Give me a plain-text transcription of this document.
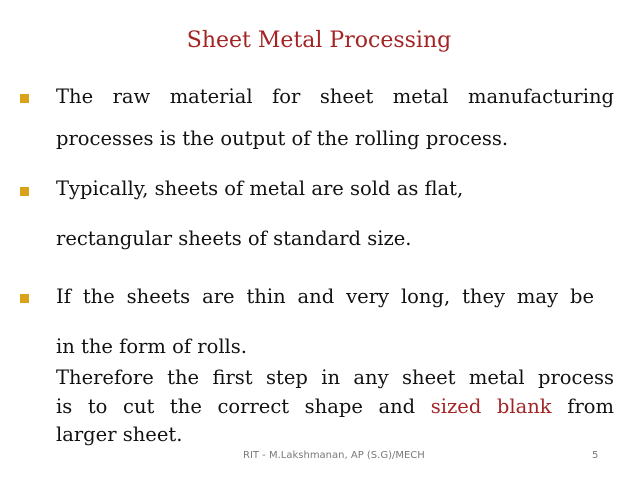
Sheet Metal Processing
The raw material for sheet metal manufacturing
processes is the output of the rolling process.
Typically, sheets of metal are sold as flat,
rectangular sheets of standard size.
If the sheets are thin and very long, they may be
in the form of rolls.
Therefore the first step in any sheet metal process
is to cut the correct shape and sized blank from
larger sheet.
RIT - M.Lakshmanan, AP (S.G)/MECH	5
